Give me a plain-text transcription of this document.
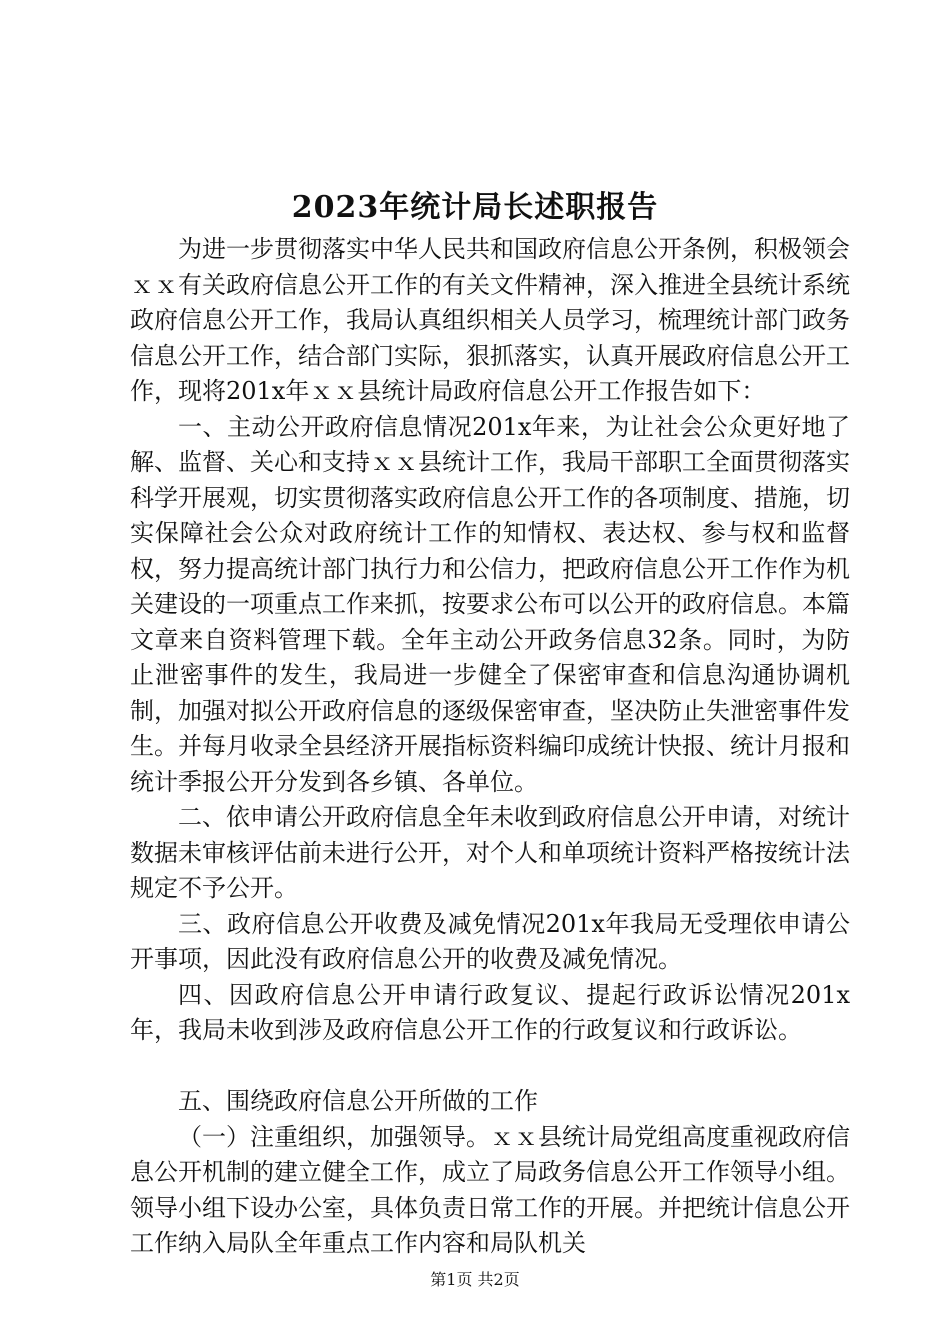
2023年统计局长述职报告

为进一步贯彻落实中华人民共和国政府信息公开条例，积极领会ｘｘ有关政府信息公开工作的有关文件精神，深入推进全县统计系统政府信息公开工作，我局认真组织相关人员学习，梳理统计部门政务信息公开工作，结合部门实际，狠抓落实，认真开展政府信息公开工作，现将201x年ｘｘ县统计局政府信息公开工作报告如下：

一、主动公开政府信息情况201x年来，为让社会公众更好地了解、监督、关心和支持ｘｘ县统计工作，我局干部职工全面贯彻落实科学开展观，切实贯彻落实政府信息公开工作的各项制度、措施，切实保障社会公众对政府统计工作的知情权、表达权、参与权和监督权，努力提高统计部门执行力和公信力，把政府信息公开工作作为机关建设的一项重点工作来抓，按要求公布可以公开的政府信息。本篇文章来自资料管理下载。全年主动公开政务信息32条。同时，为防止泄密事件的发生，我局进一步健全了保密审查和信息沟通协调机制，加强对拟公开政府信息的逐级保密审查，坚决防止失泄密事件发生。并每月收录全县经济开展指标资料编印成统计快报、统计月报和统计季报公开分发到各乡镇、各单位。

二、依申请公开政府信息全年未收到政府信息公开申请，对统计数据未审核评估前未进行公开，对个人和单项统计资料严格按统计法规定不予公开。

三、政府信息公开收费及减免情况201x年我局无受理依申请公开事项，因此没有政府信息公开的收费及减免情况。

四、因政府信息公开申请行政复议、提起行政诉讼情况201x年，我局未收到涉及政府信息公开工作的行政复议和行政诉讼。

五、围绕政府信息公开所做的工作

（一）注重组织，加强领导。ｘｘ县统计局党组高度重视政府信息公开机制的建立健全工作，成立了局政务信息公开工作领导小组。领导小组下设办公室，具体负责日常工作的开展。并把统计信息公开工作纳入局队全年重点工作内容和局队机关

第1页 共2页
